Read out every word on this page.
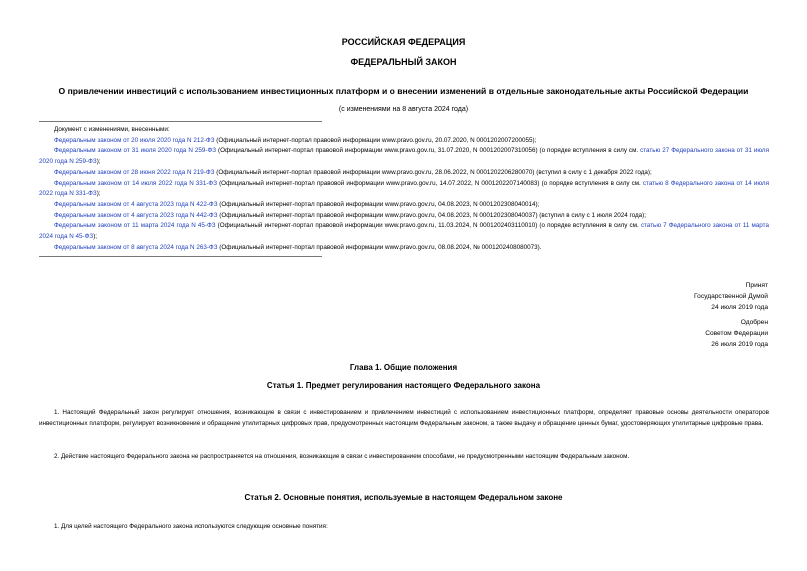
РОССИЙСКАЯ ФЕДЕРАЦИЯ
ФЕДЕРАЛЬНЫЙ ЗАКОН
О привлечении инвестиций с использованием инвестиционных платформ и о внесении изменений в отдельные законодательные акты Российской Федерации
(с изменениями на 8 августа 2024 года)
Документ с изменениями, внесенными:
Федеральным законом от 20 июля 2020 года N 212-ФЗ (Официальный интернет-портал правовой информации www.pravo.gov.ru, 20.07.2020, N 0001202007200055);
Федеральным законом от 31 июля 2020 года N 259-ФЗ (Официальный интернет-портал правовой информации www.pravo.gov.ru, 31.07.2020, N 0001202007310056) (о порядке вступления в силу см. статью 27 Федерального закона от 31 июля 2020 года N 259-ФЗ);
Федеральным законом от 28 июня 2022 года N 219-ФЗ (Официальный интернет-портал правовой информации www.pravo.gov.ru, 28.06.2022, N 0001202206280070) (вступил в силу с 1 декабря 2022 года);
Федеральным законом от 14 июля 2022 года N 331-ФЗ (Официальный интернет-портал правовой информации www.pravo.gov.ru, 14.07.2022, N 0001202207140083) (о порядке вступления в силу см. статью 8 Федерального закона от 14 июля 2022 года N 331-ФЗ);
Федеральным законом от 4 августа 2023 года N 422-ФЗ (Официальный интернет-портал правовой информации www.pravo.gov.ru, 04.08.2023, N 0001202308040014);
Федеральным законом от 4 августа 2023 года N 442-ФЗ (Официальный интернет-портал правовой информации www.pravo.gov.ru, 04.08.2023, N 0001202308040037) (вступил в силу с 1 июля 2024 года);
Федеральным законом от 11 марта 2024 года N 45-ФЗ (Официальный интернет-портал правовой информации www.pravo.gov.ru, 11.03.2024, N 0001202403110010) (о порядке вступления в силу см. статью 7 Федерального закона от 11 марта 2024 года N 45-ФЗ);
Федеральным законом от 8 августа 2024 года N 263-ФЗ (Официальный интернет-портал правовой информации www.pravo.gov.ru, 08.08.2024, № 0001202408080073).
Принят
Государственной Думой
24 июля 2019 года
Одобрен
Советом Федерации
26 июля 2019 года
Глава 1. Общие положения
Статья 1. Предмет регулирования настоящего Федерального закона
1. Настоящий Федеральный закон регулирует отношения, возникающие в связи с инвестированием и привлечением инвестиций с использованием инвестиционных платформ, определяет правовые основы деятельности операторов инвестиционных платформ, регулирует возникновение и обращение утилитарных цифровых прав, предусмотренных настоящим Федеральным законом, а также выдачу и обращение ценных бумаг, удостоверяющих утилитарные цифровые права.
2. Действие настоящего Федерального закона не распространяется на отношения, возникающие в связи с инвестированием способами, не предусмотренными настоящим Федеральным законом.
Статья 2. Основные понятия, используемые в настоящем Федеральном законе
1. Для целей настоящего Федерального закона используются следующие основные понятия:
